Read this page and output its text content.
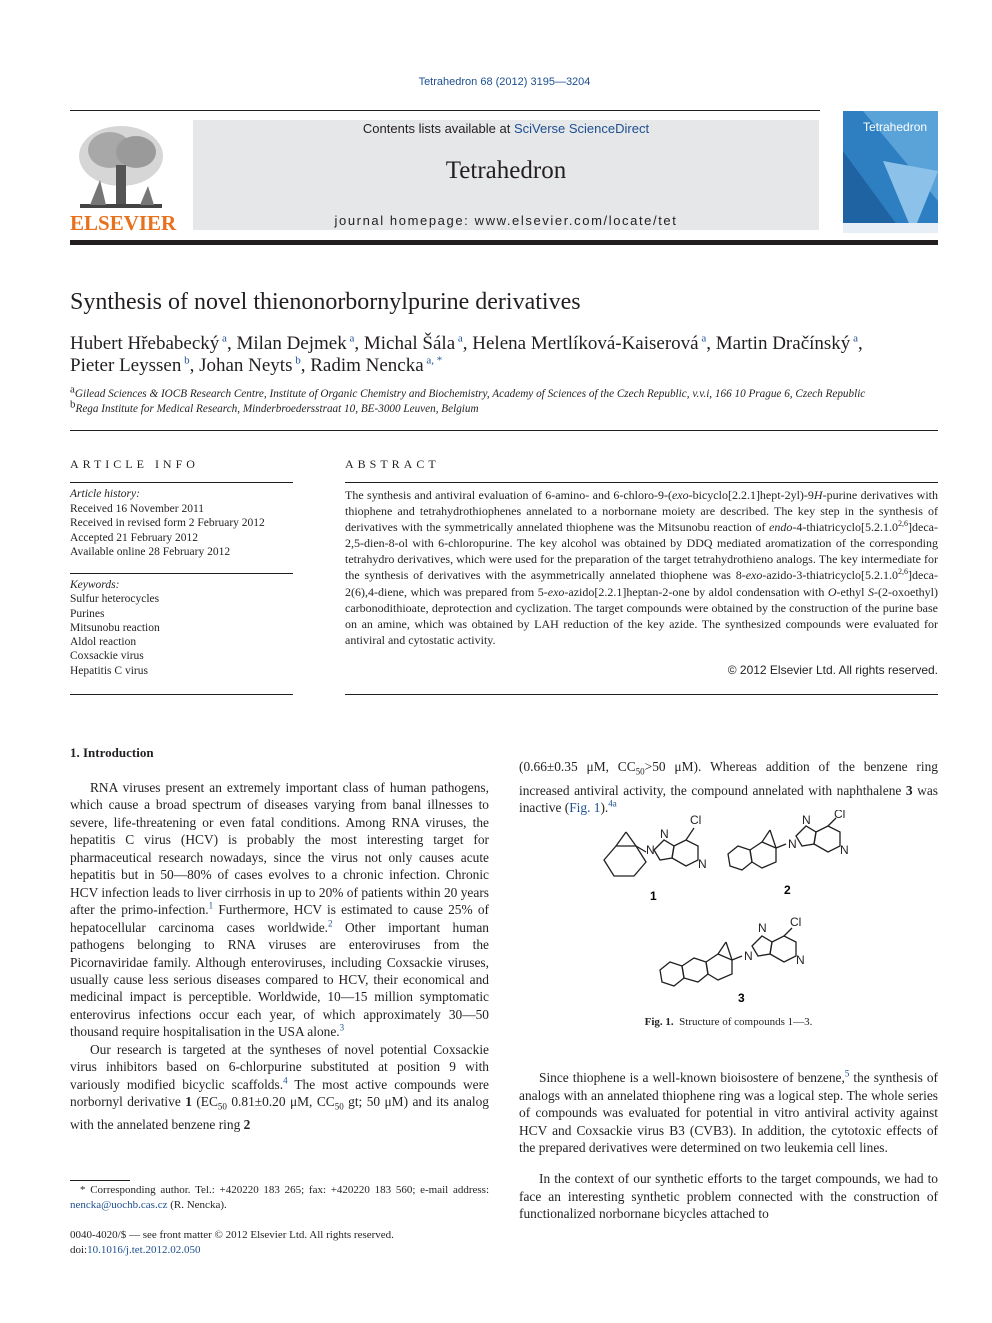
Tetrahedron 68 (2012) 3195—3204
ELSEVIER
Contents lists available at SciVerse ScienceDirect
Tetrahedron
journal homepage: www.elsevier.com/locate/tet
Tetrahedron
Synthesis of novel thienonorbornylpurine derivatives
Hubert Hřebabecký $^a$, Milan Dejmek $^a$, Michal Šála $^a$, Helena Mertlíková-Kaiserová $^a$, Martin Dračínský $^a$,
Pieter Leyssen $^b$, Johan Neyts $^b$, Radim Nencka $^{a, *}$
$^a$Gilead Sciences & IOCB Research Centre, Institute of Organic Chemistry and Biochemistry, Academy of Sciences of the Czech Republic, v.v.i, 166 10 Prague 6, Czech Republic
$^b$Rega Institute for Medical Research, Minderbroedersstraat 10, BE-3000 Leuven, Belgium
ARTICLE INFO
Article history:
Received 16 November 2011
Received in revised form 2 February 2012
Accepted 21 February 2012
Available online 28 February 2012
Keywords:
Sulfur heterocycles
Purines
Mitsunobu reaction
Aldol reaction
Coxsackie virus
Hepatitis C virus
ABSTRACT
The synthesis and antiviral evaluation of 6-amino- and 6-chloro-9-(exo-bicyclo[2.2.1]hept-2yl)-9H-purine derivatives with thiophene and tetrahydrothiophenes annelated to a norbornane moiety are described. The key step in the synthesis of derivatives with the symmetrically annelated thiophene was the Mitsunobu reaction of endo-4-thiatricyclo[5.2.1.0$^{2,6}$]deca-2,5-dien-8-ol with 6-chloropurine. The key alcohol was obtained by DDQ mediated aromatization of the corresponding tetrahydro derivatives, which were used for the preparation of the target tetrahydrothieno analogs. The key intermediate for the synthesis of derivatives with the asymmetrically annelated thiophene was 8-exo-azido-3-thiatricyclo[5.2.1.0$^{2,6}$]deca-2(6),4-diene, which was prepared from 5-exo-azido[2.2.1]heptan-2-one by aldol condensation with O-ethyl S-(2-oxoethyl) carbonodithioate, deprotection and cyclization. The target compounds were obtained by the construction of the purine base on an amine, which was obtained by LAH reduction of the key azide. The synthesized compounds were evaluated for antiviral and cytostatic activity.
© 2012 Elsevier Ltd. All rights reserved.
1. Introduction

RNA viruses present an extremely important class of human pathogens, which cause a broad spectrum of diseases varying from banal illnesses to severe, life-threatening or even fatal conditions. Among RNA viruses, the hepatitis C virus (HCV) is probably the most interesting target for pharmaceutical research nowadays, since the virus not only causes acute hepatitis but in 50—80% of cases evolves to a chronic infection. Chronic HCV infection leads to liver cirrhosis in up to 20% of patients within 20 years after the primo-infection.$^1$ Furthermore, HCV is estimated to cause 25% of hepatocellular carcinoma cases worldwide.$^2$ Other important human pathogens belonging to RNA viruses are enteroviruses from the Picornaviridae family. Although enteroviruses, including Coxsackie viruses, usually cause less serious diseases compared to HCV, their economical and medicinal impact is perceptible. Worldwide, 10—15 million symptomatic enterovirus infections occur each year, of which approximately 30—50 thousand require hospitalisation in the USA alone.$^3$

Our research is targeted at the syntheses of novel potential Coxsackie virus inhibitors based on 6-chlorpurine substituted at position 9 with variously modified bicyclic scaffolds.$^4$ The most active compounds were norbornyl derivative 1 ($EC_{50}$ 0.81±0.20 μM, $CC_{50}$ gt; 50 μM) and its analog with the annelated benzene ring 2

(0.66±0.35 μM, $CC_{50}>50$ μM). Whereas addition of the benzene ring increased antiviral activity, the compound annelated with naphthalene 3 was inactive (Fig. 1).$^{4a}$

Cl	Cl
Cl
N
N
N
N
N
N
N
N
N
1	2
3
Fig. 1. Structure of compounds 1—3.

Since thiophene is a well-known bioisostere of benzene,$^5$ the synthesis of analogs with an annelated thiophene ring was a logical step. The whole series of compounds was evaluated for potential in vitro antiviral activity against HCV and Coxsackie virus B3 (CVB3). In addition, the cytotoxic effects of the prepared derivatives were determined on two leukemia cell lines.

In the context of our synthetic efforts to the target compounds, we had to face an interesting synthetic problem connected with the construction of functionalized norbornane bicycles attached to

* Corresponding author. Tel.: +420220 183 265; fax: +420220 183 560; e-mail address: nencka@uochb.cas.cz (R. Nencka).
0040-4020/$ — see front matter © 2012 Elsevier Ltd. All rights reserved.
doi:10.1016/j.tet.2012.02.050
